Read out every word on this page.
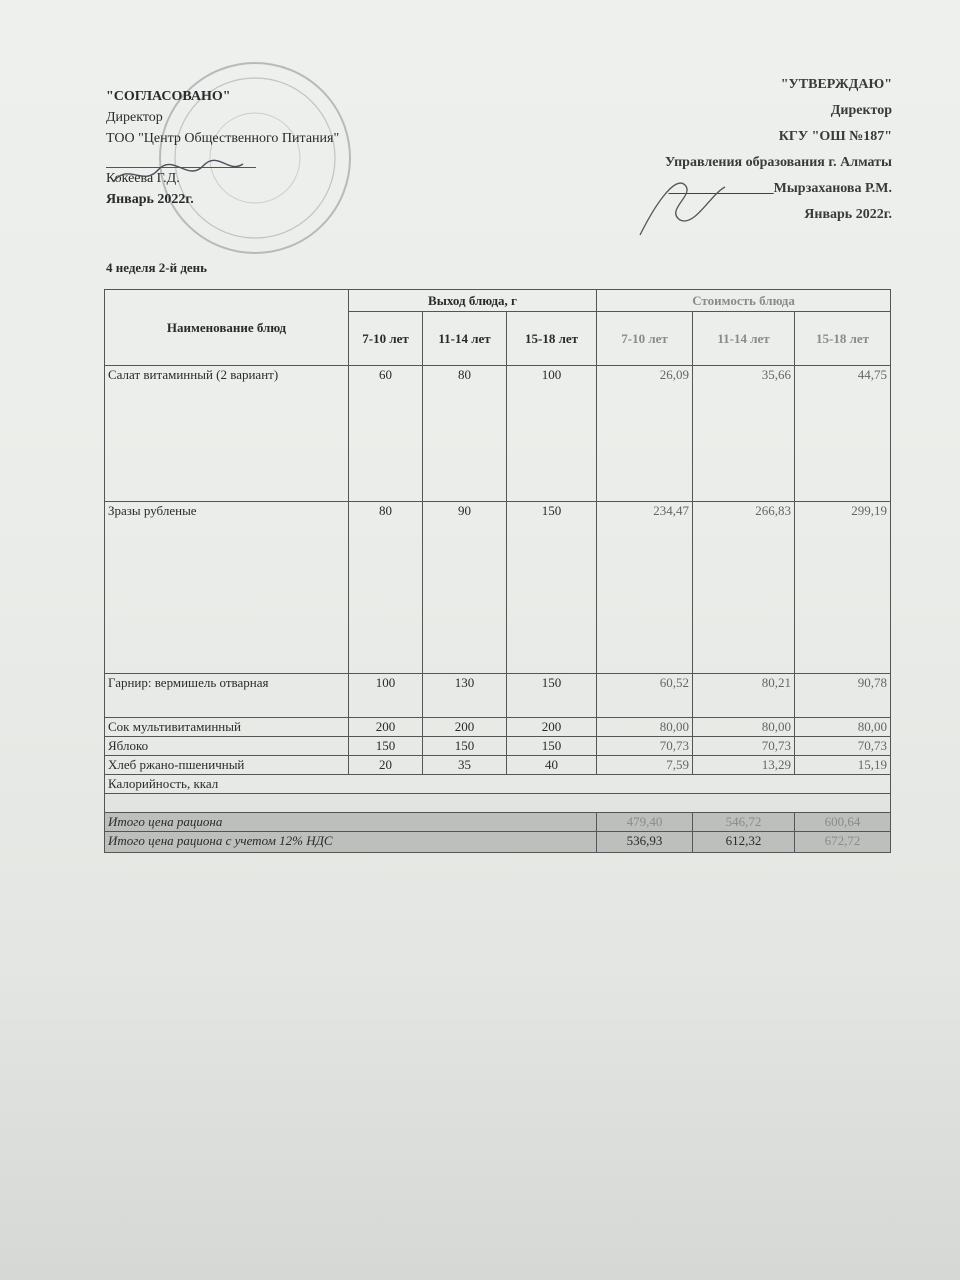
"СОГЛАСОВАНО"
Директор
ТОО "Центр Общественного Питания"
Кокеева Г.Д.
Январь 2022г.
"УТВЕРЖДАЮ"
Директор
КГУ "ОШ №187"
Управления образования г. Алматы
_______________Мырзаханова Р.М.
Январь 2022г.
4 неделя 2-й день
Наименование блюд	Выход блюда, г			Стоимость блюда		
	7-10 лет	11-14 лет	15-18 лет	7-10 лет	11-14 лет	15-18 лет
Салат витаминный (2 вариант)	60	80	100	26,09	35,66	44,75
Зразы рубленые	80	90	150	234,47	266,83	299,19
Гарнир: вермишель отварная	100	130	150	60,52	80,21	90,78
Сок мультивитаминный	200	200	200	80,00	80,00	80,00
Яблоко	150	150	150	70,73	70,73	70,73
Хлеб ржано-пшеничный	20	35	40	7,59	13,29	15,19
Калорийность, ккал						

Итого цена рациона				479,40	546,72	600,64
Итого цена рациона с учетом 12% НДС				536,93	612,32	672,72
